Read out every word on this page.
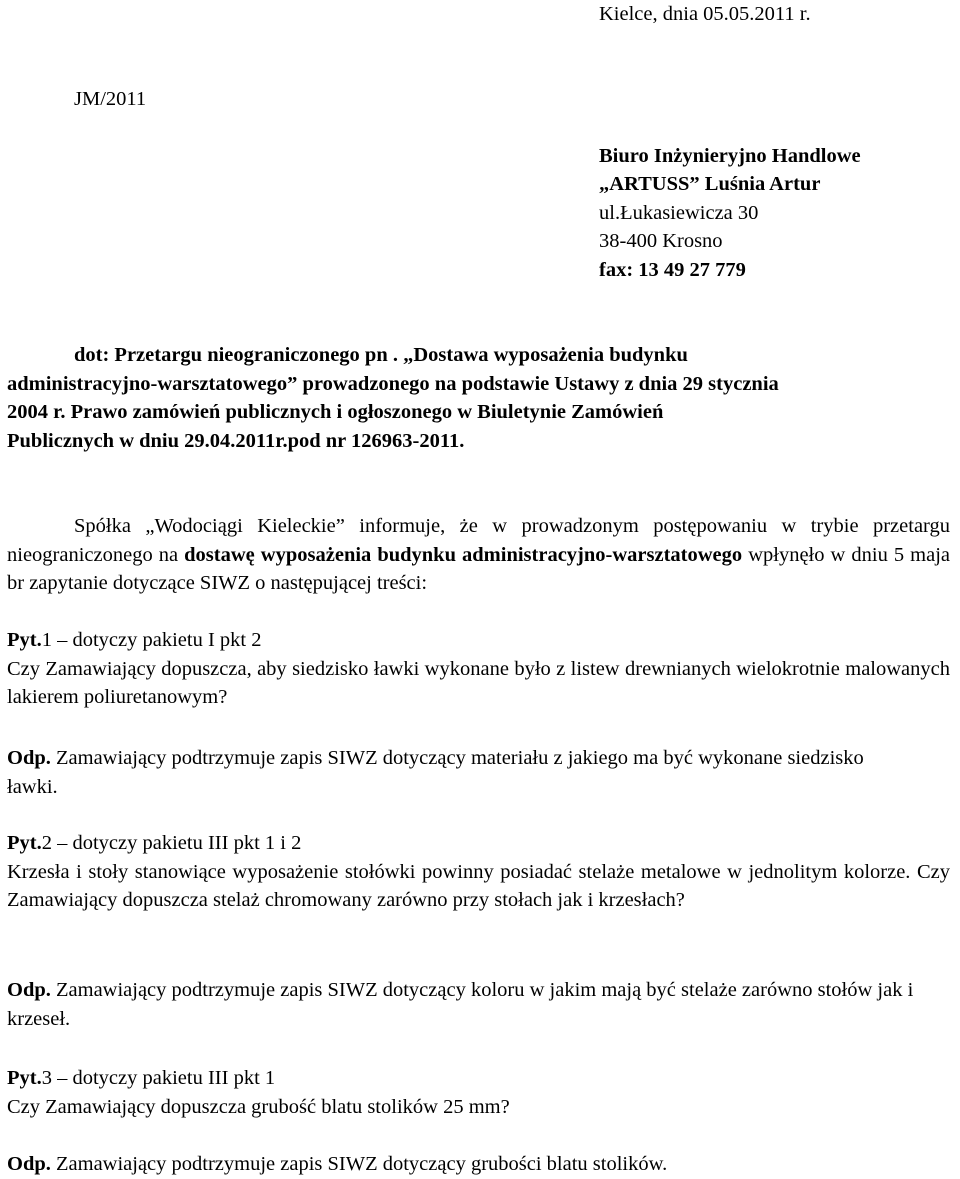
Kielce, dnia 05.05.2011 r.
JM/2011
Biuro Inżynieryjno Handlowe
„ARTUSS” Luśnia Artur
ul.Łukasiewicza 30
38-400 Krosno
fax: 13 49 27 779
dot: Przetargu nieograniczonego pn . „Dostawa wyposażenia budynku
administracyjno-warsztatowego” prowadzonego na podstawie Ustawy z dnia 29 stycznia
2004 r. Prawo zamówień publicznych i ogłoszonego w Biuletynie Zamówień
Publicznych w dniu 29.04.2011r.pod nr 126963-2011.
Spółka „Wodociągi Kieleckie” informuje, że w prowadzonym postępowaniu w trybie przetargu nieograniczonego na dostawę wyposażenia budynku administracyjno-warsztatowego wpłynęło w dniu 5 maja br zapytanie dotyczące SIWZ o następującej treści:
Pyt.1 – dotyczy pakietu I pkt 2
Czy Zamawiający dopuszcza, aby siedzisko ławki wykonane było z listew drewnianych wielokrotnie malowanych lakierem poliuretanowym?
Odp. Zamawiający podtrzymuje zapis SIWZ dotyczący materiału z jakiego ma być wykonane siedzisko ławki.
Pyt.2 – dotyczy pakietu III pkt 1 i 2
Krzesła i stoły stanowiące wyposażenie stołówki powinny posiadać stelaże metalowe w jednolitym kolorze. Czy Zamawiający dopuszcza stelaż chromowany zarówno przy stołach jak i krzesłach?
Odp. Zamawiający podtrzymuje zapis SIWZ dotyczący koloru w jakim mają być stelaże zarówno stołów jak i krzeseł.
Pyt.3 – dotyczy pakietu III pkt 1
Czy Zamawiający dopuszcza grubość blatu stolików 25 mm?
Odp. Zamawiający podtrzymuje zapis SIWZ dotyczący grubości blatu stolików.
